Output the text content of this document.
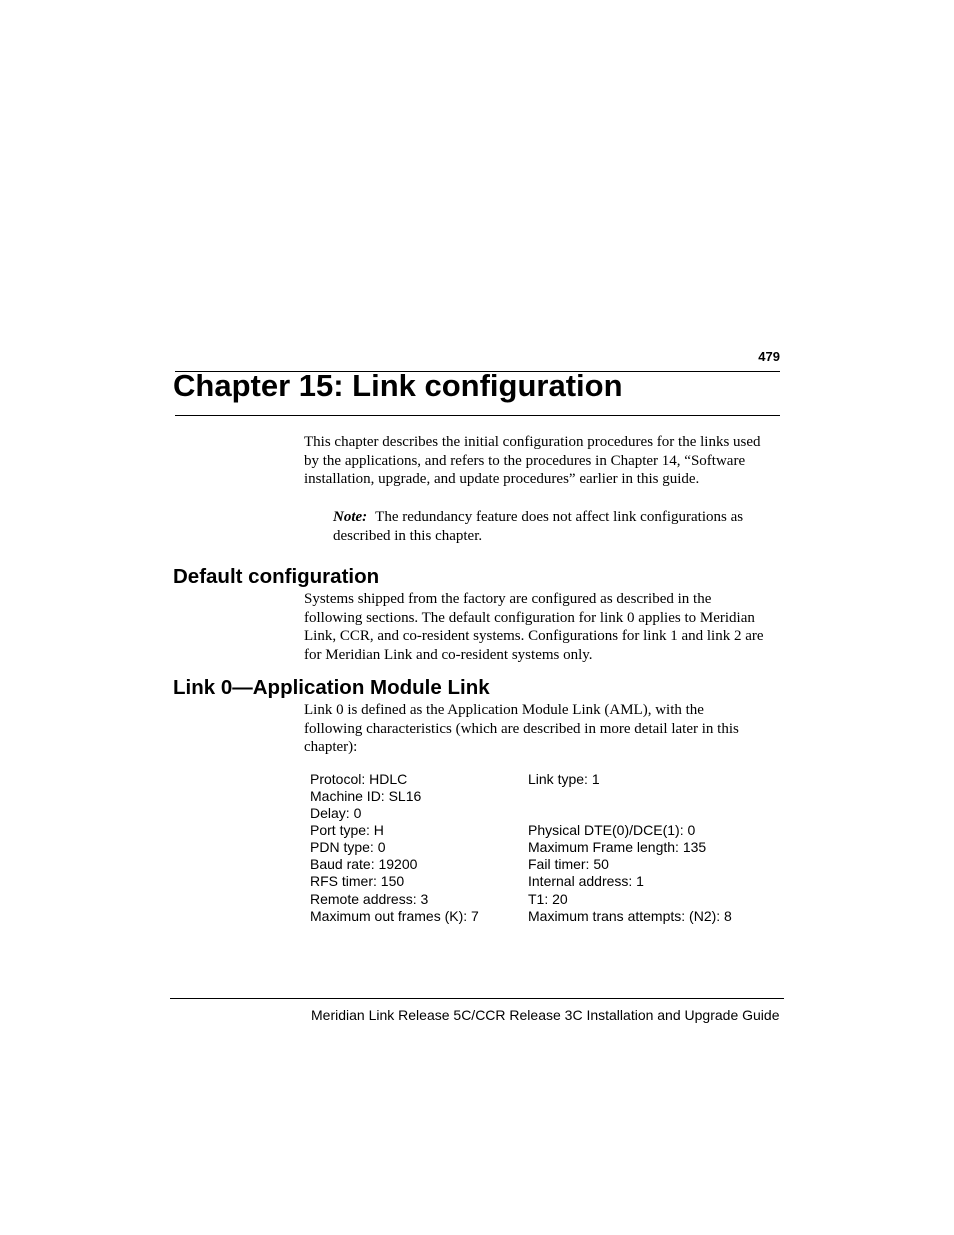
479
Chapter 15: Link configuration
This chapter describes the initial configuration procedures for the links used
by the applications, and refers to the procedures in Chapter 14, “Software
installation, upgrade, and update procedures” earlier in this guide.
Note: The redundancy feature does not affect link configurations as
described in this chapter.
Default configuration
Systems shipped from the factory are configured as described in the
following sections. The default configuration for link 0 applies to Meridian
Link, CCR, and co-resident systems. Configurations for link 1 and link 2 are
for Meridian Link and co-resident systems only.
Link 0—Application Module Link
Link 0 is defined as the Application Module Link (AML), with the
following characteristics (which are described in more detail later in this
chapter):
Protocol: HDLC
Machine ID: SL16
Delay: 0
Port type: H
PDN type: 0
Baud rate: 19200
RFS timer: 150
Remote address: 3
Maximum out frames (K): 7
Link type: 1
Physical DTE(0)/DCE(1): 0
Maximum Frame length: 135
Fail timer: 50
Internal address: 1
T1: 20
Maximum trans attempts: (N2): 8
Meridian Link Release 5C/CCR Release 3C Installation and Upgrade Guide
